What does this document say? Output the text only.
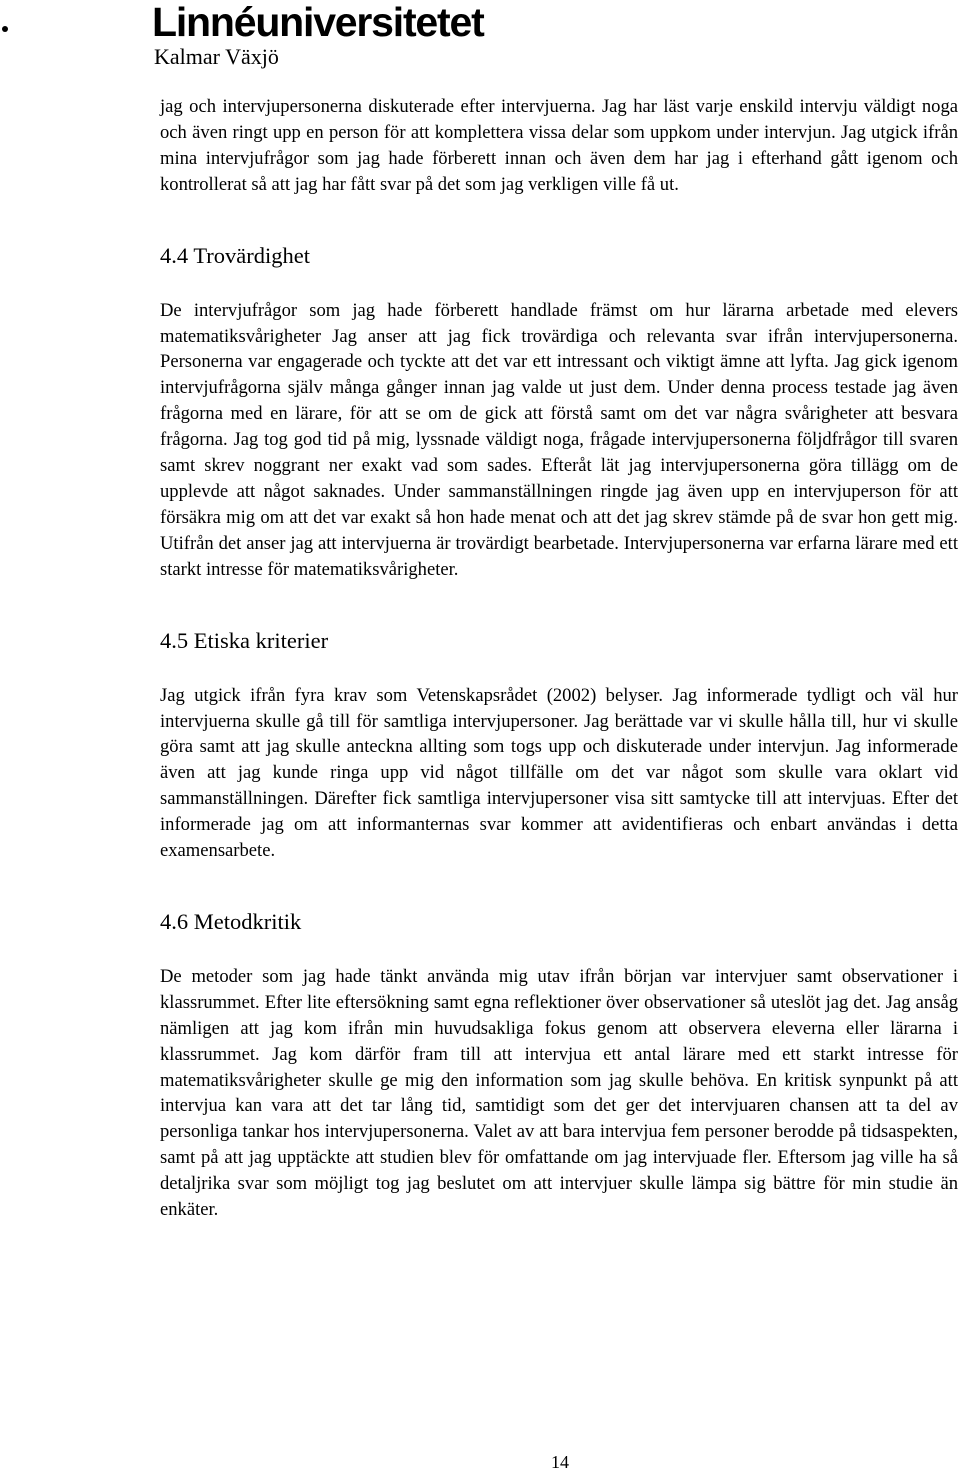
Linnéuniversitetet
Kalmar Växjö

jag och intervjupersonerna diskuterade efter intervjuerna. Jag har läst varje enskild intervju väldigt noga och även ringt upp en person för att komplettera vissa delar som uppkom under intervjun. Jag utgick ifrån mina intervjufrågor som jag hade förberett innan och även dem har jag i efterhand gått igenom och kontrollerat så att jag har fått svar på det som jag verkligen ville få ut.

4.4 Trovärdighet

De intervjufrågor som jag hade förberett handlade främst om hur lärarna arbetade med elevers matematiksvårigheter Jag anser att jag fick trovärdiga och relevanta svar ifrån intervjupersonerna. Personerna var engagerade och tyckte att det var ett intressant och viktigt ämne att lyfta. Jag gick igenom intervjufrågorna själv många gånger innan jag valde ut just dem. Under denna process testade jag även frågorna med en lärare, för att se om de gick att förstå samt om det var några svårigheter att besvara frågorna. Jag tog god tid på mig, lyssnade väldigt noga, frågade intervjupersonerna följdfrågor till svaren samt skrev noggrant ner exakt vad som sades. Efteråt lät jag intervjupersonerna göra tillägg om de upplevde att något saknades. Under sammanställningen ringde jag även upp en intervjuperson för att försäkra mig om att det var exakt så hon hade menat och att det jag skrev stämde på de svar hon gett mig. Utifrån det anser jag att intervjuerna är trovärdigt bearbetade. Intervjupersonerna var erfarna lärare med ett starkt intresse för matematiksvårigheter.

4.5 Etiska kriterier

Jag utgick ifrån fyra krav som Vetenskapsrådet (2002) belyser. Jag informerade tydligt och väl hur intervjuerna skulle gå till för samtliga intervjupersoner. Jag berättade var vi skulle hålla till, hur vi skulle göra samt att jag skulle anteckna allting som togs upp och diskuterade under intervjun. Jag informerade även att jag kunde ringa upp vid något tillfälle om det var något som skulle vara oklart vid sammanställningen. Därefter fick samtliga intervjupersoner visa sitt samtycke till att intervjuas. Efter det informerade jag om att informanternas svar kommer att avidentifieras och enbart användas i detta examensarbete.

4.6 Metodkritik

De metoder som jag hade tänkt använda mig utav ifrån början var intervjuer samt observationer i klassrummet. Efter lite eftersökning samt egna reflektioner över observationer så uteslöt jag det. Jag ansåg nämligen att jag kom ifrån min huvudsakliga fokus genom att observera eleverna eller lärarna i klassrummet. Jag kom därför fram till att intervjua ett antal lärare med ett starkt intresse för matematiksvårigheter skulle ge mig den information som jag skulle behöva. En kritisk synpunkt på att intervjua kan vara att det tar lång tid, samtidigt som det ger det intervjuaren chansen att ta del av personliga tankar hos intervjupersonerna. Valet av att bara intervjua fem personer berodde på tidsaspekten, samt på att jag upptäckte att studien blev för omfattande om jag intervjuade fler. Eftersom jag ville ha så detaljrika svar som möjligt tog jag beslutet om att intervjuer skulle lämpa sig bättre för min studie än enkäter.

14
